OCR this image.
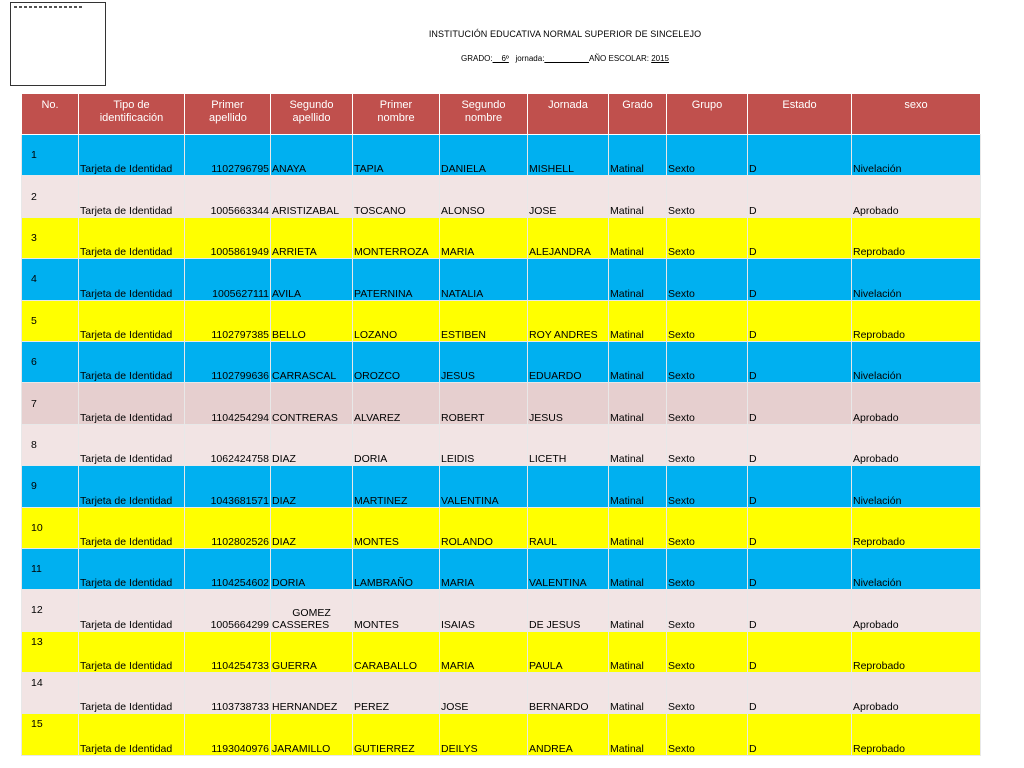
INSTITUCIÓN EDUCATIVA NORMAL SUPERIOR DE SINCELEJO
GRADO:__6º jornada:__________AÑO ESCOLAR: 2015
No.	Tipo de identificación	Primer apellido	Segundo apellido	Primer nombre	Segundo nombre	Jornada	Grado	Grupo	Estado	sexo	
1	Tarjeta de Identidad	1102796795	ANAYA	TAPIA	DANIELA	MISHELL	Matinal	Sexto	D	Nivelación	
2	Tarjeta de Identidad	1005663344	ARISTIZABAL	TOSCANO	ALONSO	JOSE	Matinal	Sexto	D	Aprobado	
3	Tarjeta de Identidad	1005861949	ARRIETA	MONTERROZA	MARIA	ALEJANDRA	Matinal	Sexto	D	Reprobado	
4	Tarjeta de Identidad	1005627111	AVILA	PATERNINA	NATALIA		Matinal	Sexto	D	Nivelación	
5	Tarjeta de Identidad	1102797385	BELLO	LOZANO	ESTIBEN	ROY ANDRES	Matinal	Sexto	D	Reprobado	
6	Tarjeta de Identidad	1102799636	CARRASCAL	OROZCO	JESUS	EDUARDO	Matinal	Sexto	D	Nivelación	
7	Tarjeta de Identidad	1104254294	CONTRERAS	ALVAREZ	ROBERT	JESUS	Matinal	Sexto	D	Aprobado	
8	Tarjeta de Identidad	1062424758	DIAZ	DORIA	LEIDIS	LICETH	Matinal	Sexto	D	Aprobado	
9	Tarjeta de Identidad	1043681571	DIAZ	MARTINEZ	VALENTINA		Matinal	Sexto	D	Nivelación	
10	Tarjeta de Identidad	1102802526	DIAZ	MONTES	ROLANDO	RAUL	Matinal	Sexto	D	Reprobado	
11	Tarjeta de Identidad	1104254602	DORIA	LAMBRAÑO	MARIA	VALENTINA	Matinal	Sexto	D	Nivelación	
12	Tarjeta de Identidad	1005664299	GOMEZ
CASSERES	MONTES	ISAIAS	DE JESUS	Matinal	Sexto	D	Aprobado	
13	Tarjeta de Identidad	1104254733	GUERRA	CARABALLO	MARIA	PAULA	Matinal	Sexto	D	Reprobado	
14	Tarjeta de Identidad	1103738733	HERNANDEZ	PEREZ	JOSE	BERNARDO	Matinal	Sexto	D	Aprobado	
15	Tarjeta de Identidad	1193040976	JARAMILLO	GUTIERREZ	DEILYS	ANDREA	Matinal	Sexto	D	Reprobado	
